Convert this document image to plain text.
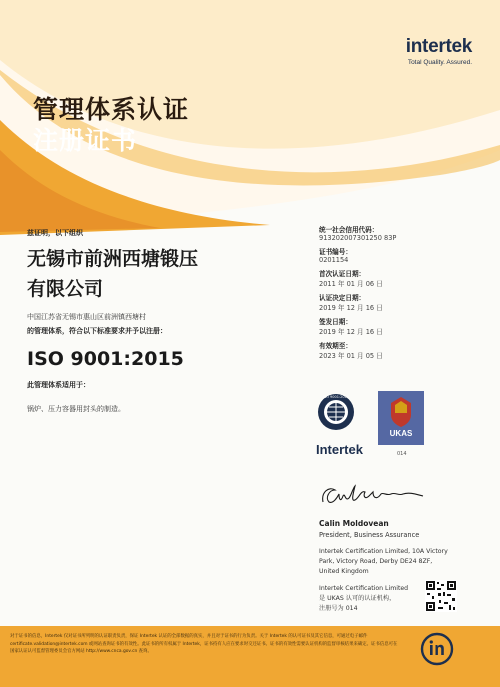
intertek
Total Quality. Assured.
管理体系认证
注册证书
兹证明，以下组织
无锡市前洲西塘锻压
有限公司
中国江苏省无锡市惠山区前洲镇西塘村
的管理体系，符合以下标准要求并予以注册：
ISO 9001:2015
此管理体系适用于：
锅炉、压力容器用封头的制造。
统一社会信用代码：
913202007301250 83P
证书编号：
0201154
首次认证日期：
2011 年 01 月 06 日
认证决定日期：
2019 年 12 月 16 日
签发日期：
2019 年 12 月 16 日
有效期至：
2023 年 01 月 05 日
ISO 9001:2015
Intertek
UKAS
014
Calin Moldovean
President, Business Assurance
Intertek Certification Limited, 10A Victory Park, Victory Road, Derby DE24 8ZF, United Kingdom
Intertek Certification Limited
是 UKAS 认可的认证机构，
注册号为 014
对于证书的信息，Intertek 仅对证书所列明的认证职责负责，保证 Intertek 认证的全部数据的真实，并且对于证书的行为负责。关于 Intertek 的认可证书及其它信息，可通过电子邮件 certificate.validation@intertek.com 或网站查询证书的有效性。此证书的所有权属于 Intertek，证书持有人应在要求时交还证书。证书的有效性需要认证机构的监督审核结果来确定。证书信息可在国家认证认可监督管理委员会官方网站 http://www.cnca.gov.cn 查询。
